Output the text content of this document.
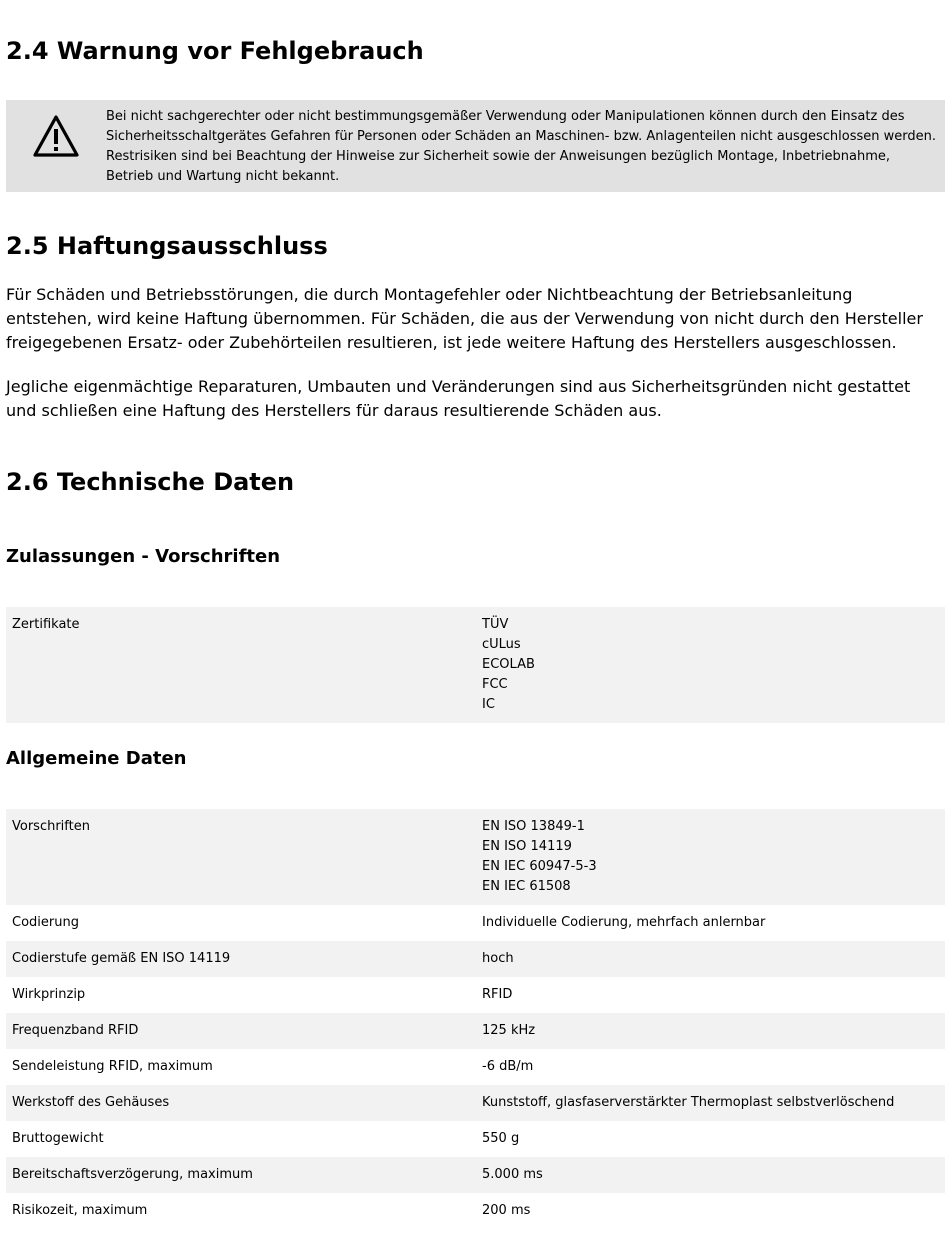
2.4 Warnung vor Fehlgebrauch
Bei nicht sachgerechter oder nicht bestimmungsgemäßer Verwendung oder Manipulationen können durch den Einsatz des Sicherheitsschaltgerätes Gefahren für Personen oder Schäden an Maschinen- bzw. Anlagenteilen nicht ausgeschlossen werden. Restrisiken sind bei Beachtung der Hinweise zur Sicherheit sowie der Anweisungen bezüglich Montage, Inbetriebnahme, Betrieb und Wartung nicht bekannt.
2.5 Haftungsausschluss

Für Schäden und Betriebsstörungen, die durch Montagefehler oder Nichtbeachtung der Betriebsanleitung entstehen, wird keine Haftung übernommen. Für Schäden, die aus der Verwendung von nicht durch den Hersteller freigegebenen Ersatz- oder Zubehörteilen resultieren, ist jede weitere Haftung des Herstellers ausgeschlossen.

Jegliche eigenmächtige Reparaturen, Umbauten und Veränderungen sind aus Sicherheitsgründen nicht gestattet und schließen eine Haftung des Herstellers für daraus resultierende Schäden aus.

2.6 Technische Daten
Zulassungen - Vorschriften
Zertifikate	TÜV
cULus
ECOLAB
FCC
IC
Allgemeine Daten
Vorschriften	EN ISO 13849-1
EN ISO 14119
EN IEC 60947-5-3
EN IEC 61508

Codierung	Individuelle Codierung, mehrfach anlernbar

Codierstufe gemäß EN ISO 14119	hoch

Wirkprinzip	RFID

Frequenzband RFID	125 kHz

Sendeleistung RFID, maximum	-6 dB/m

Werkstoff des Gehäuses	Kunststoff, glasfaserverstärkter Thermoplast selbstverlöschend

Bruttogewicht	550 g

Bereitschaftsverzögerung, maximum	5.000 ms

Risikozeit, maximum	200 ms
